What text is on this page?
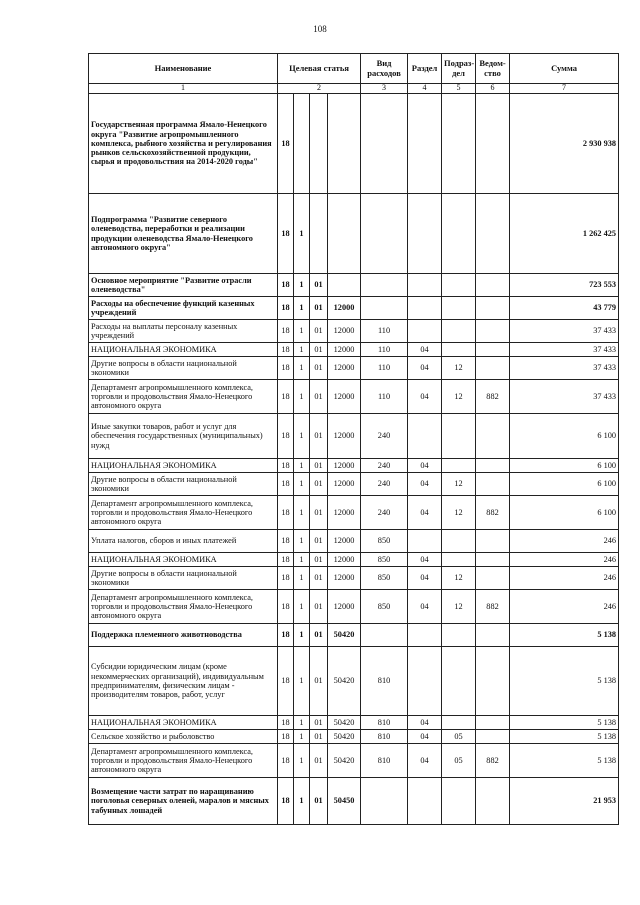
108
Наименование	Целевая статья				Вид расходов	Раздел	Подраз-дел	Ведом-ство	Сумма
1	2				3	4	5	6	7
Государственная программа Ямало-Ненецкого округа "Развитие агропромышленного комплекса, рыбного хозяйства и регулирования рынков сельскохозяйственной продукции, сырья и продовольствия на 2014-2020 годы"	18								2 930 938
Подпрограмма "Развитие северного оленеводства, переработки и реализации продукции оленеводства Ямало-Ненецкого автономного округа"	18	1							1 262 425
Основное мероприятие "Развитие отрасли оленеводства"	18	1	01						723 553
Расходы на обеспечение функций казенных учреждений	18	1	01	12000					43 779
Расходы на выплаты персоналу казенных учреждений	18	1	01	12000	110				37 433
НАЦИОНАЛЬНАЯ ЭКОНОМИКА	18	1	01	12000	110	04			37 433
Другие вопросы в области национальной экономики	18	1	01	12000	110	04	12		37 433
Департамент агропромышленного комплекса, торговли и продовольствия Ямало-Ненецкого автономного округа	18	1	01	12000	110	04	12	882	37 433
Иные закупки товаров, работ и услуг для обеспечения государственных (муниципальных) нужд	18	1	01	12000	240				6 100
НАЦИОНАЛЬНАЯ ЭКОНОМИКА	18	1	01	12000	240	04			6 100
Другие вопросы в области национальной экономики	18	1	01	12000	240	04	12		6 100
Департамент агропромышленного комплекса, торговли и продовольствия Ямало-Ненецкого автономного округа	18	1	01	12000	240	04	12	882	6 100
Уплата налогов, сборов и иных платежей	18	1	01	12000	850				246
НАЦИОНАЛЬНАЯ ЭКОНОМИКА	18	1	01	12000	850	04			246
Другие вопросы в области национальной экономики	18	1	01	12000	850	04	12		246
Департамент агропромышленного комплекса, торговли и продовольствия Ямало-Ненецкого автономного округа	18	1	01	12000	850	04	12	882	246
Поддержка племенного животноводства	18	1	01	50420					5 138
Субсидии юридическим лицам (кроме некоммерческих организаций), индивидуальным предпринимателям, физическим лицам - производителям товаров, работ, услуг	18	1	01	50420	810				5 138
НАЦИОНАЛЬНАЯ ЭКОНОМИКА	18	1	01	50420	810	04			5 138
Сельское хозяйство и рыболовство	18	1	01	50420	810	04	05		5 138
Департамент агропромышленного комплекса, торговли и продовольствия Ямало-Ненецкого автономного округа	18	1	01	50420	810	04	05	882	5 138
Возмещение части затрат по наращиванию поголовья северных оленей, маралов и мясных табунных лошадей	18	1	01	50450					21 953
